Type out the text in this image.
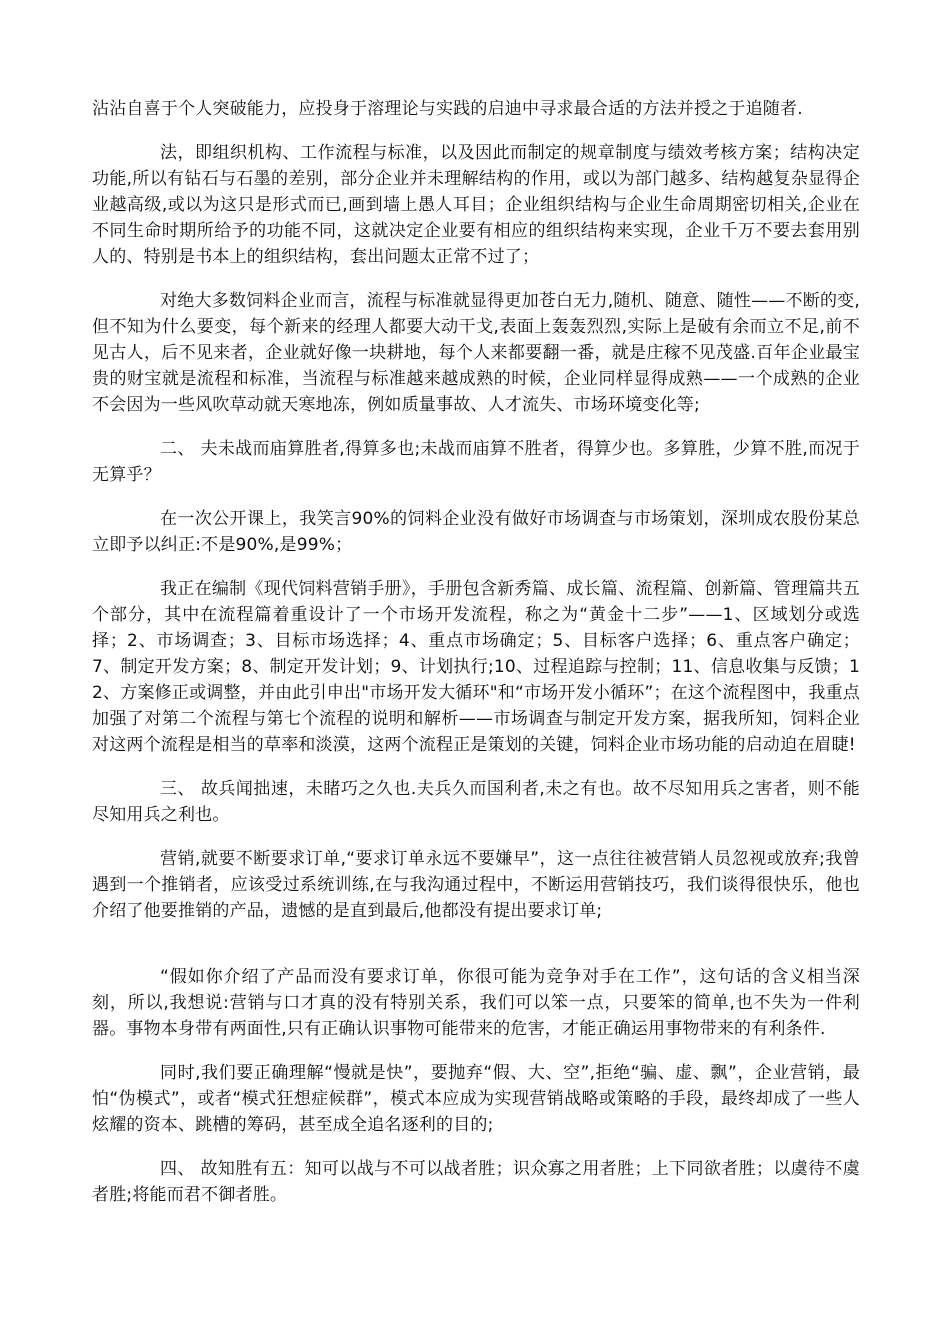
沾沾自喜于个人突破能力，应投身于溶理论与实践的启迪中寻求最合适的方法并授之于追随者.

法，即组织机构、工作流程与标准，以及因此而制定的规章制度与绩效考核方案；结构决定功能,所以有钻石与石墨的差别，部分企业并未理解结构的作用，或以为部门越多、结构越复杂显得企业越高级,或以为这只是形式而已,画到墙上愚人耳目；企业组织结构与企业生命周期密切相关,企业在不同生命时期所给予的功能不同，这就决定企业要有相应的组织结构来实现，企业千万不要去套用别人的、特别是书本上的组织结构，套出问题太正常不过了；

对绝大多数饲料企业而言，流程与标准就显得更加苍白无力,随机、随意、随性——不断的变,但不知为什么要变，每个新来的经理人都要大动干戈,表面上轰轰烈烈,实际上是破有余而立不足,前不见古人，后不见来者，企业就好像一块耕地，每个人来都要翻一番，就是庄稼不见茂盛.百年企业最宝贵的财宝就是流程和标准，当流程与标准越来越成熟的时候，企业同样显得成熟——一个成熟的企业不会因为一些风吹草动就天寒地冻，例如质量事故、人才流失、市场环境变化等;

二、 夫未战而庙算胜者,得算多也;未战而庙算不胜者，得算少也。多算胜，少算不胜,而况于无算乎？

在一次公开课上，我笑言90%的饲料企业没有做好市场调查与市场策划，深圳成农股份某总立即予以纠正:不是90%,是99%；

我正在编制《现代饲料营销手册》，手册包含新秀篇、成长篇、流程篇、创新篇、管理篇共五个部分，其中在流程篇着重设计了一个市场开发流程，称之为“黄金十二步”——1、区域划分或选择；2、市场调查；3、目标市场选择；4、重点市场确定；5、目标客户选择；6、重点客户确定；7、制定开发方案；8、制定开发计划；9、计划执行;10、过程追踪与控制；11、信息收集与反馈；12、方案修正或调整，并由此引申出"市场开发大循环"和“市场开发小循环”；在这个流程图中，我重点加强了对第二个流程与第七个流程的说明和解析——市场调查与制定开发方案，据我所知，饲料企业对这两个流程是相当的草率和淡漠，这两个流程正是策划的关键，饲料企业市场功能的启动迫在眉睫!

三、 故兵闻拙速，未睹巧之久也.夫兵久而国利者,未之有也。故不尽知用兵之害者，则不能尽知用兵之利也。

营销,就要不断要求订单,“要求订单永远不要嫌早”，这一点往往被营销人员忽视或放弃;我曾遇到一个推销者，应该受过系统训练,在与我沟通过程中，不断运用营销技巧，我们谈得很快乐，他也介绍了他要推销的产品，遗憾的是直到最后,他都没有提出要求订单;

“假如你介绍了产品而没有要求订单，你很可能为竞争对手在工作”，这句话的含义相当深刻，所以,我想说:营销与口才真的没有特别关系，我们可以笨一点，只要笨的简单,也不失为一件利器。事物本身带有两面性,只有正确认识事物可能带来的危害，才能正确运用事物带来的有利条件.

同时,我们要正确理解“慢就是快”，要抛弃“假、大、空”,拒绝“骗、虚、飘”，企业营销，最怕“伪模式”，或者“模式狂想症候群”，模式本应成为实现营销战略或策略的手段，最终却成了一些人炫耀的资本、跳槽的筹码，甚至成全追名逐利的目的;

四、 故知胜有五：知可以战与不可以战者胜；识众寡之用者胜；上下同欲者胜；以虞待不虞者胜;将能而君不御者胜。
